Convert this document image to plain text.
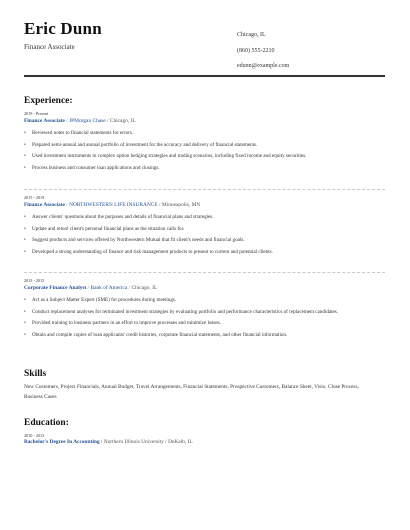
Eric Dunn
Finance Associate
Chicago, IL
(860) 555-2210
edunn@example.com
Experience:
2019 - Present
Finance Associate / JPMorgan Chase / Chicago, IL
• Reviewed notes to financial statements for errors.
• Prepared semi-annual and annual portfolio of investment for the accuracy and delivery of financial statements.
• Used investment instruments in complex option hedging strategies and trading scenarios, including fixed income and equity securities.
• Process business and consumer loan applications and closings.
2015 - 2019
Finance Associate / NORTHWESTERN LIFE INSURANCE / Minneapolis, MN
• Answer clients' questions about the purposes and details of financial plans and strategies.
• Update and retool client's personal financial plans as the situation calls for.
• Suggest products and services offered by Northwestern Mutual that fit client's needs and financial goals.
• Developed a strong understanding of finance and risk management products to present to current and potential clients.
2013 - 2015
Corporate Finance Analyst / Bank of America / Chicago, IL
• Act as a Subject Matter Expert (SME) for procedures during meetings.
• Conduct replacement analyses for terminated investment strategies by evaluating portfolio and performance characteristics of replacement candidates.
• Provided training to business partners in an effort to improve processes and minimize losses.
• Obtain and compile copies of loan applicants' credit histories, corporate financial statements, and other financial information.
Skills
New Customers, Project Financials, Annual Budget, Travel Arrangements, Financial Statements, Prospective Customers, Balance Sheet, Visio, Close Process, Business Cases
Education:
2010 - 2013
Bachelor's Degree In Accounting / Northern Illinois University / DeKalb, IL
